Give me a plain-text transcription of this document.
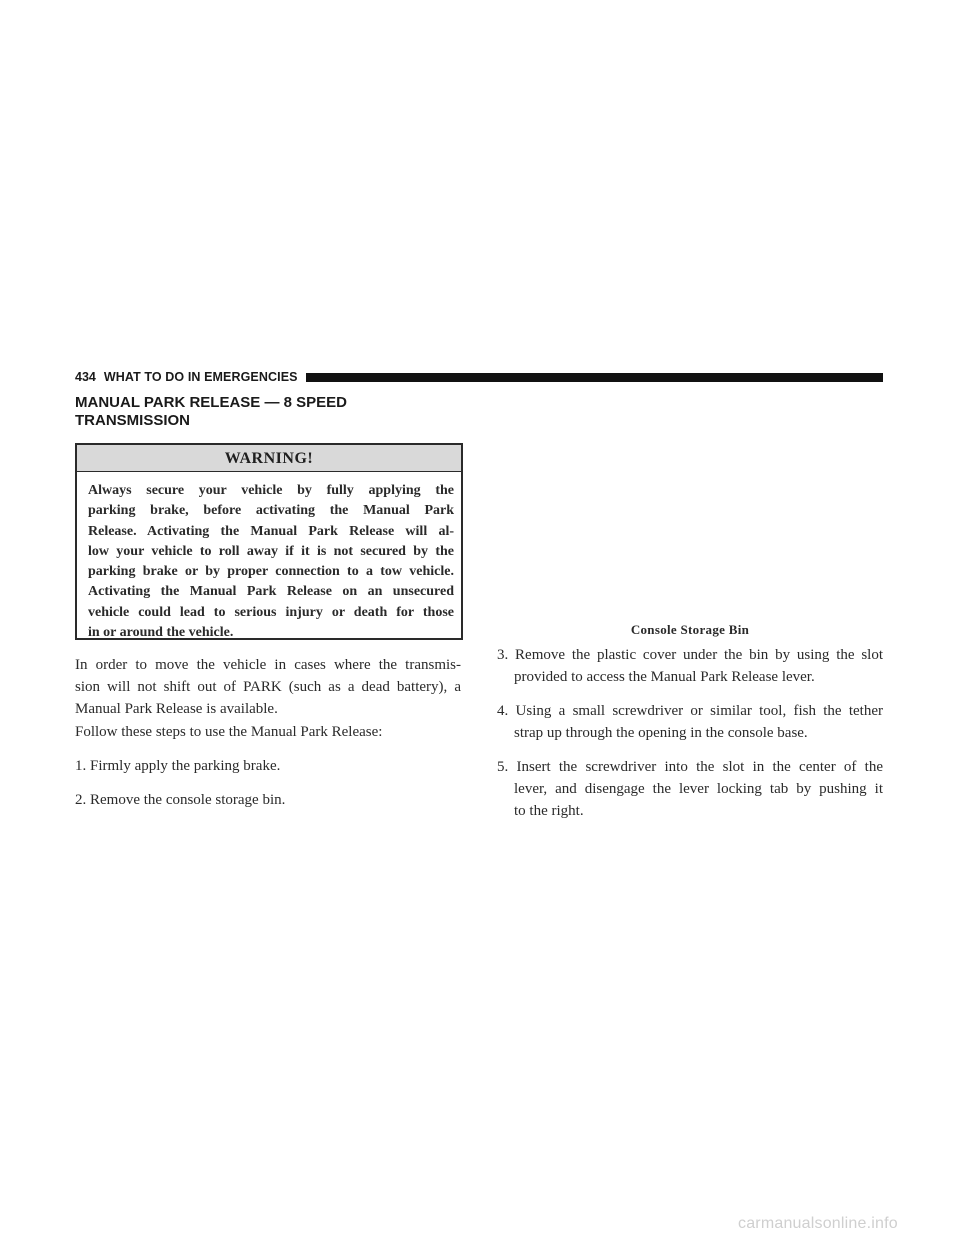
434 WHAT TO DO IN EMERGENCIES
MANUAL PARK RELEASE — 8 SPEED
TRANSMISSION
WARNING!
Always secure your vehicle by fully applying the
parking brake, before activating the Manual Park
Release. Activating the Manual Park Release will al-
low your vehicle to roll away if it is not secured by the
parking brake or by proper connection to a tow vehicle.
Activating the Manual Park Release on an unsecured
vehicle could lead to serious injury or death for those
in or around the vehicle.
In order to move the vehicle in cases where the transmis-
sion will not shift out of PARK (such as a dead battery), a
Manual Park Release is available.
Follow these steps to use the Manual Park Release:
1. Firmly apply the parking brake.
2. Remove the console storage bin.
Console Storage Bin
3. Remove the plastic cover under the bin by using the slot
provided to access the Manual Park Release lever.
4. Using a small screwdriver or similar tool, fish the tether
strap up through the opening in the console base.
5. Insert the screwdriver into the slot in the center of the
lever, and disengage the lever locking tab by pushing it
to the right.
carmanualsonline.info
